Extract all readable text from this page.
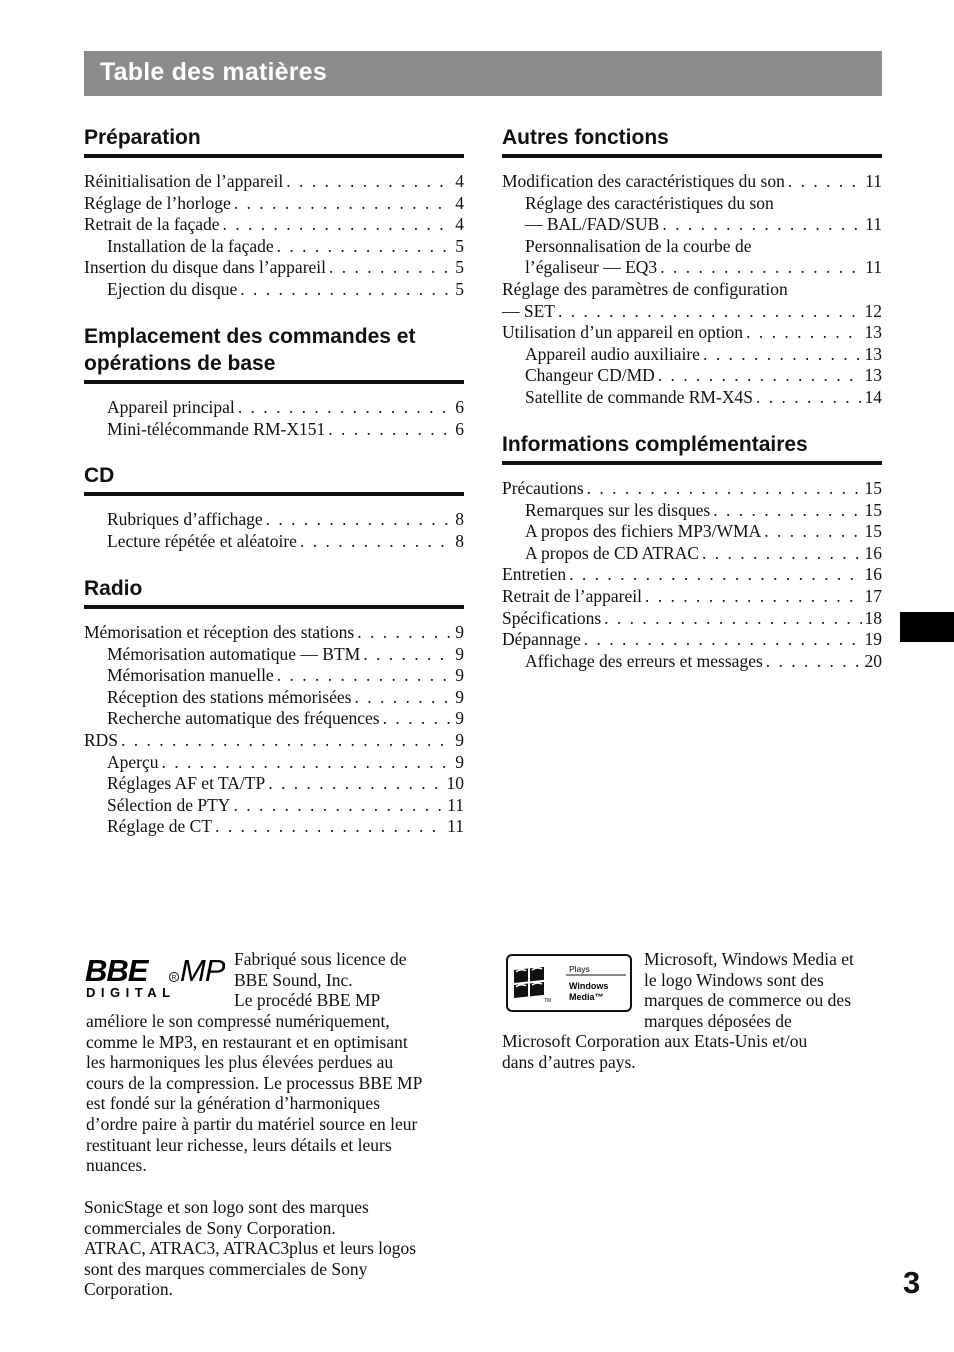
Table des matières
Préparation
Réinitialisation de l’appareil . . .	4
Réglage de l’horloge . . .	4
Retrait de la façade . . .	4
Installation de la façade . . .	5
Insertion du disque dans l’appareil . . .	5
Ejection du disque . . .	5
Emplacement des commandes et
opérations de base
Appareil principal . . .	6
Mini-télécommande RM-X151 . . .	6
CD
Rubriques d’affichage . . .	8
Lecture répétée et aléatoire . . .	8
Radio
Mémorisation et réception des stations . . .	9
Mémorisation automatique — BTM . . .	9
Mémorisation manuelle . . .	9
Réception des stations mémorisées . . .	9
Recherche automatique des fréquences . . .	9
RDS . . .	9
Aperçu . . .	9
Réglages AF et TA/TP . . .	10
Sélection de PTY . . .	11
Réglage de CT . . .	11
Autres fonctions
Modification des caractéristiques du son . . .	11
Réglage des caractéristiques du son
— BAL/FAD/SUB . . .	11
Personnalisation de la courbe de
l’égaliseur — EQ3 . . .	11
Réglage des paramètres de configuration
— SET . . .	12
Utilisation d’un appareil en option . . .	13
Appareil audio auxiliaire . . .	13
Changeur CD/MD . . .	13
Satellite de commande RM-X4S . . .	14
Informations complémentaires
Précautions . . .	15
Remarques sur les disques . . .	15
A propos des fichiers MP3/WMA . . .	15
A propos de CD ATRAC . . .	16
Entretien . . .	16
Retrait de l’appareil . . .	17
Spécifications . . .	18
Dépannage . . .	19
Affichage des erreurs et messages . . .	20
BBE	R MP
DIGITAL
Fabriqué sous licence de
BBE Sound, Inc.
Le procédé BBE MP
améliore le son compressé numériquement,
comme le MP3, en restaurant et en optimisant
les harmoniques les plus élevées perdues au
cours de la compression. Le processus BBE MP
est fondé sur la génération d’harmoniques
d’ordre paire à partir du matériel source en leur
restituant leur richesse, leurs détails et leurs
nuances.
SonicStage et son logo sont des marques
commerciales de Sony Corporation.
ATRAC, ATRAC3, ATRAC3plus et leurs logos
sont des marques commerciales de Sony
Corporation.
TM
Plays
Windows
Media™
Microsoft, Windows Media et
le logo Windows sont des
marques de commerce ou des
marques déposées de
Microsoft Corporation aux Etats-Unis et/ou
dans d’autres pays.
3
